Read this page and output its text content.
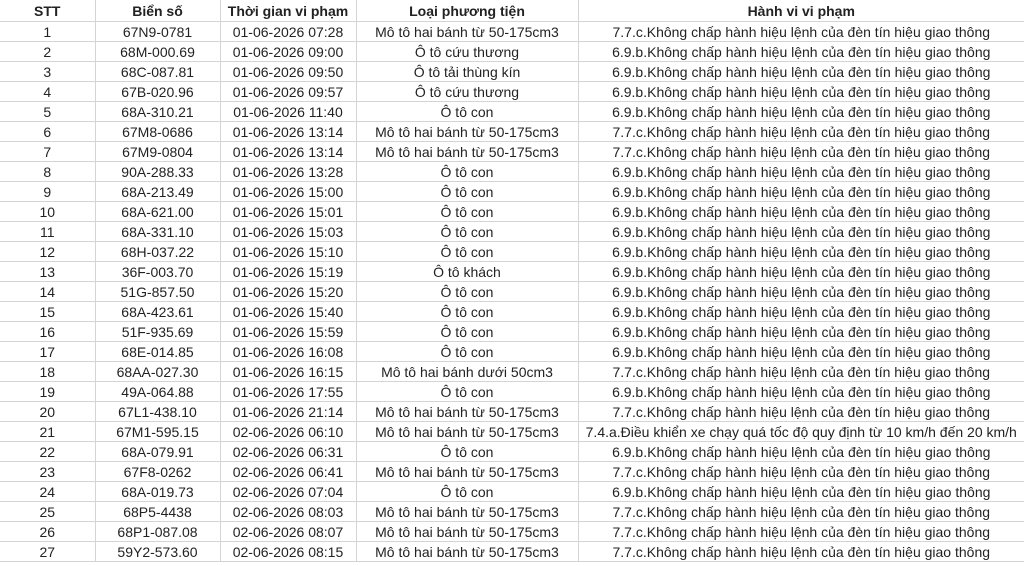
STT	Biển số	Thời gian vi phạm	Loại phương tiện	Hành vi vi phạm
1	67N9-0781	01-06-2026 07:28	Mô tô hai bánh từ 50-175cm3	7.7.c.Không chấp hành hiệu lệnh của đèn tín hiệu giao thông
2	68M-000.69	01-06-2026 09:00	Ô tô cứu thương	6.9.b.Không chấp hành hiệu lệnh của đèn tín hiệu giao thông
3	68C-087.81	01-06-2026 09:50	Ô tô tải thùng kín	6.9.b.Không chấp hành hiệu lệnh của đèn tín hiệu giao thông
4	67B-020.96	01-06-2026 09:57	Ô tô cứu thương	6.9.b.Không chấp hành hiệu lệnh của đèn tín hiệu giao thông
5	68A-310.21	01-06-2026 11:40	Ô tô con	6.9.b.Không chấp hành hiệu lệnh của đèn tín hiệu giao thông
6	67M8-0686	01-06-2026 13:14	Mô tô hai bánh từ 50-175cm3	7.7.c.Không chấp hành hiệu lệnh của đèn tín hiệu giao thông
7	67M9-0804	01-06-2026 13:14	Mô tô hai bánh từ 50-175cm3	7.7.c.Không chấp hành hiệu lệnh của đèn tín hiệu giao thông
8	90A-288.33	01-06-2026 13:28	Ô tô con	6.9.b.Không chấp hành hiệu lệnh của đèn tín hiệu giao thông
9	68A-213.49	01-06-2026 15:00	Ô tô con	6.9.b.Không chấp hành hiệu lệnh của đèn tín hiệu giao thông
10	68A-621.00	01-06-2026 15:01	Ô tô con	6.9.b.Không chấp hành hiệu lệnh của đèn tín hiệu giao thông
11	68A-331.10	01-06-2026 15:03	Ô tô con	6.9.b.Không chấp hành hiệu lệnh của đèn tín hiệu giao thông
12	68H-037.22	01-06-2026 15:10	Ô tô con	6.9.b.Không chấp hành hiệu lệnh của đèn tín hiệu giao thông
13	36F-003.70	01-06-2026 15:19	Ô tô khách	6.9.b.Không chấp hành hiệu lệnh của đèn tín hiệu giao thông
14	51G-857.50	01-06-2026 15:20	Ô tô con	6.9.b.Không chấp hành hiệu lệnh của đèn tín hiệu giao thông
15	68A-423.61	01-06-2026 15:40	Ô tô con	6.9.b.Không chấp hành hiệu lệnh của đèn tín hiệu giao thông
16	51F-935.69	01-06-2026 15:59	Ô tô con	6.9.b.Không chấp hành hiệu lệnh của đèn tín hiệu giao thông
17	68E-014.85	01-06-2026 16:08	Ô tô con	6.9.b.Không chấp hành hiệu lệnh của đèn tín hiệu giao thông
18	68AA-027.30	01-06-2026 16:15	Mô tô hai bánh dưới 50cm3	7.7.c.Không chấp hành hiệu lệnh của đèn tín hiệu giao thông
19	49A-064.88	01-06-2026 17:55	Ô tô con	6.9.b.Không chấp hành hiệu lệnh của đèn tín hiệu giao thông
20	67L1-438.10	01-06-2026 21:14	Mô tô hai bánh từ 50-175cm3	7.7.c.Không chấp hành hiệu lệnh của đèn tín hiệu giao thông
21	67M1-595.15	02-06-2026 06:10	Mô tô hai bánh từ 50-175cm3	7.4.a.Điều khiển xe chạy quá tốc độ quy định từ 10 km/h đến 20 km/h
22	68A-079.91	02-06-2026 06:31	Ô tô con	6.9.b.Không chấp hành hiệu lệnh của đèn tín hiệu giao thông
23	67F8-0262	02-06-2026 06:41	Mô tô hai bánh từ 50-175cm3	7.7.c.Không chấp hành hiệu lệnh của đèn tín hiệu giao thông
24	68A-019.73	02-06-2026 07:04	Ô tô con	6.9.b.Không chấp hành hiệu lệnh của đèn tín hiệu giao thông
25	68P5-4438	02-06-2026 08:03	Mô tô hai bánh từ 50-175cm3	7.7.c.Không chấp hành hiệu lệnh của đèn tín hiệu giao thông
26	68P1-087.08	02-06-2026 08:07	Mô tô hai bánh từ 50-175cm3	7.7.c.Không chấp hành hiệu lệnh của đèn tín hiệu giao thông
27	59Y2-573.60	02-06-2026 08:15	Mô tô hai bánh từ 50-175cm3	7.7.c.Không chấp hành hiệu lệnh của đèn tín hiệu giao thông
